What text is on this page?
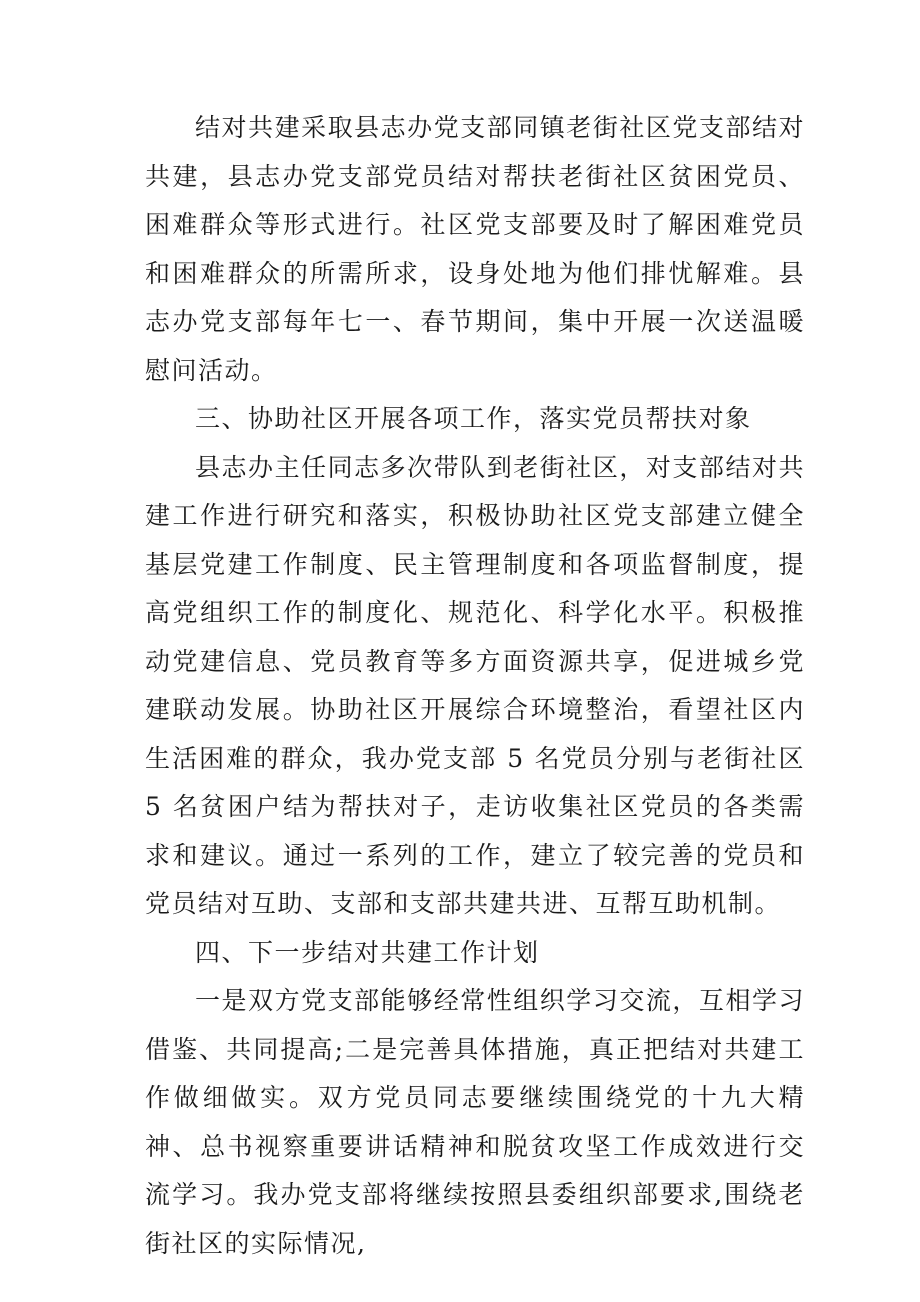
结对共建采取县志办党支部同镇老街社区党支部结对共建，县志办党支部党员结对帮扶老街社区贫困党员、困难群众等形式进行。社区党支部要及时了解困难党员和困难群众的所需所求，设身处地为他们排忧解难。县志办党支部每年七一、春节期间，集中开展一次送温暖慰问活动。

三、协助社区开展各项工作，落实党员帮扶对象

县志办主任同志多次带队到老街社区，对支部结对共建工作进行研究和落实，积极协助社区党支部建立健全基层党建工作制度、民主管理制度和各项监督制度，提高党组织工作的制度化、规范化、科学化水平。积极推动党建信息、党员教育等多方面资源共享，促进城乡党建联动发展。协助社区开展综合环境整治，看望社区内生活困难的群众，我办党支部 5 名党员分别与老街社区 5 名贫困户结为帮扶对子，走访收集社区党员的各类需求和建议。通过一系列的工作，建立了较完善的党员和党员结对互助、支部和支部共建共进、互帮互助机制。

四、下一步结对共建工作计划

一是双方党支部能够经常性组织学习交流，互相学习借鉴、共同提高;二是完善具体措施，真正把结对共建工作做细做实。双方党员同志要继续围绕党的十九大精神、总书视察重要讲话精神和脱贫攻坚工作成效进行交流学习。我办党支部将继续按照县委组织部要求,围绕老街社区的实际情况,
